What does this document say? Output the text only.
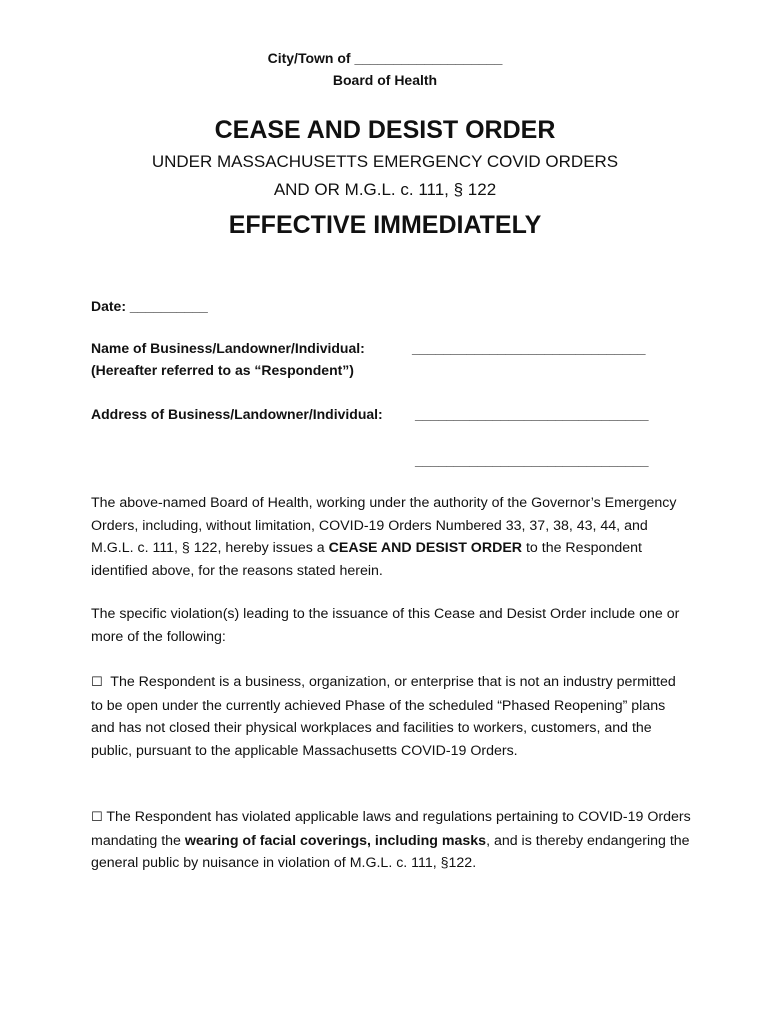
City/Town of ___________________
Board of Health
CEASE AND DESIST ORDER
UNDER MASSACHUSETTS EMERGENCY COVID ORDERS
AND OR M.G.L. c. 111, § 122
EFFECTIVE IMMEDIATELY
Date: __________
Name of Business/Landowner/Individual:	______________________________
(Hereafter referred to as “Respondent”)
Address of Business/Landowner/Individual: ______________________________
______________________________
The above-named Board of Health, working under the authority of the Governor’s Emergency Orders, including, without limitation, COVID-19 Orders Numbered 33, 37, 38, 43, 44, and M.G.L. c. 111, § 122, hereby issues a CEASE AND DESIST ORDER to the Respondent identified above, for the reasons stated herein.
The specific violation(s) leading to the issuance of this Cease and Desist Order include one or more of the following:
☐ The Respondent is a business, organization, or enterprise that is not an industry permitted to be open under the currently achieved Phase of the scheduled “Phased Reopening” plans and has not closed their physical workplaces and facilities to workers, customers, and the public, pursuant to the applicable Massachusetts COVID-19 Orders.
☐ The Respondent has violated applicable laws and regulations pertaining to COVID-19 Orders mandating the wearing of facial coverings, including masks, and is thereby endangering the general public by nuisance in violation of M.G.L. c. 111, §122.
